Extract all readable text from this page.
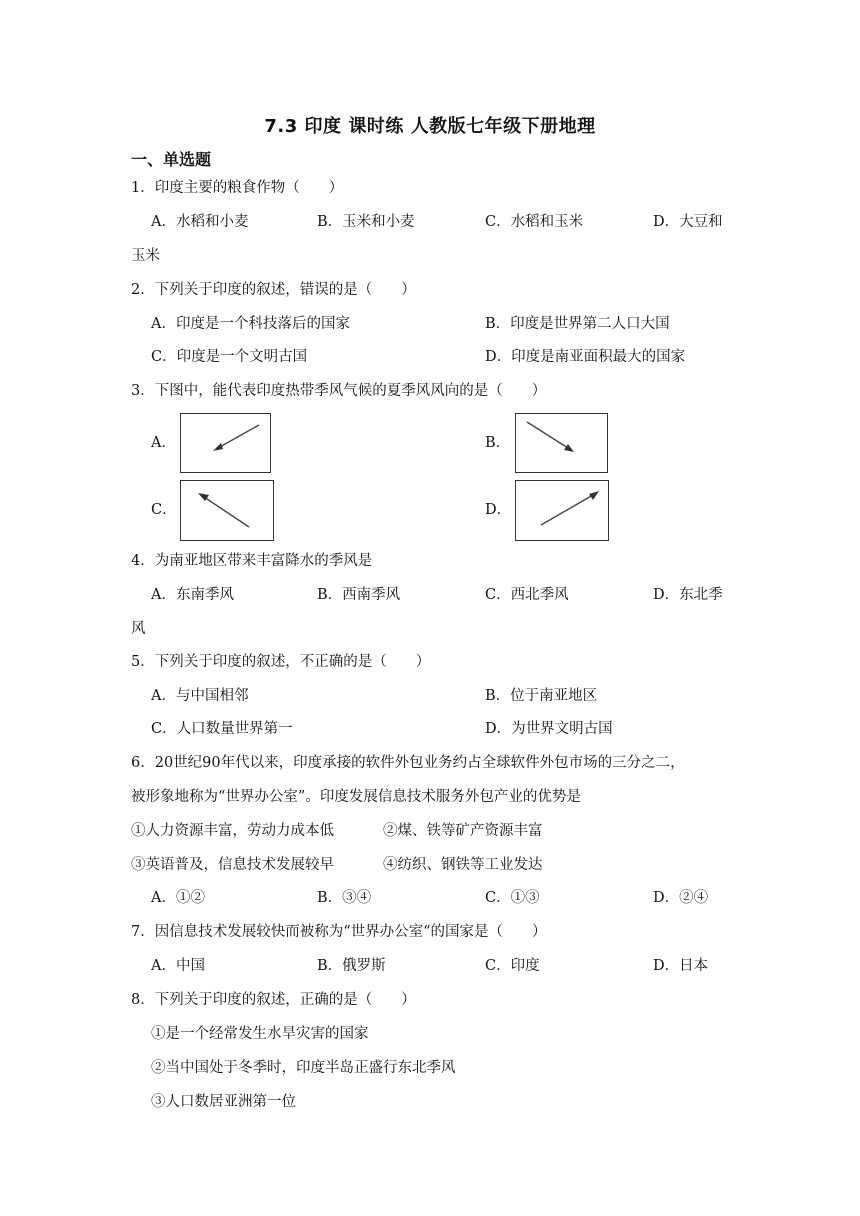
7.3 印度 课时练 人教版七年级下册地理
一、单选题
1．印度主要的粮食作物（　　）
A．水稻和小麦	B．玉米和小麦	C．水稻和玉米	D．大豆和
玉米
2．下列关于印度的叙述，错误的是（　　）
A．印度是一个科技落后的国家	B．印度是世界第二人口大国
C．印度是一个文明古国	D．印度是南亚面积最大的国家
3．下图中，能代表印度热带季风气候的夏季风风向的是（　　）
A．	B．
C．	D．
4．为南亚地区带来丰富降水的季风是
A．东南季风	B．西南季风	C．西北季风	D．东北季
风
5．下列关于印度的叙述，不正确的是（　　）
A．与中国相邻	B．位于南亚地区
C．人口数量世界第一	D．为世界文明古国
6．20世纪90年代以来，印度承接的软件外包业务约占全球软件外包市场的三分之二，
被形象地称为“世界办公室”。印度发展信息技术服务外包产业的优势是
①人力资源丰富，劳动力成本低	②煤、铁等矿产资源丰富
③英语普及，信息技术发展较早	④纺织、钢铁等工业发达
A．①②	B．③④	C．①③	D．②④
7．因信息技术发展较快而被称为“世界办公室“的国家是（　　）
A．中国	B．俄罗斯	C．印度	D．日本
8．下列关于印度的叙述，正确的是（　　）
①是一个经常发生水旱灾害的国家
②当中国处于冬季时，印度半岛正盛行东北季风
③人口数居亚洲第一位
